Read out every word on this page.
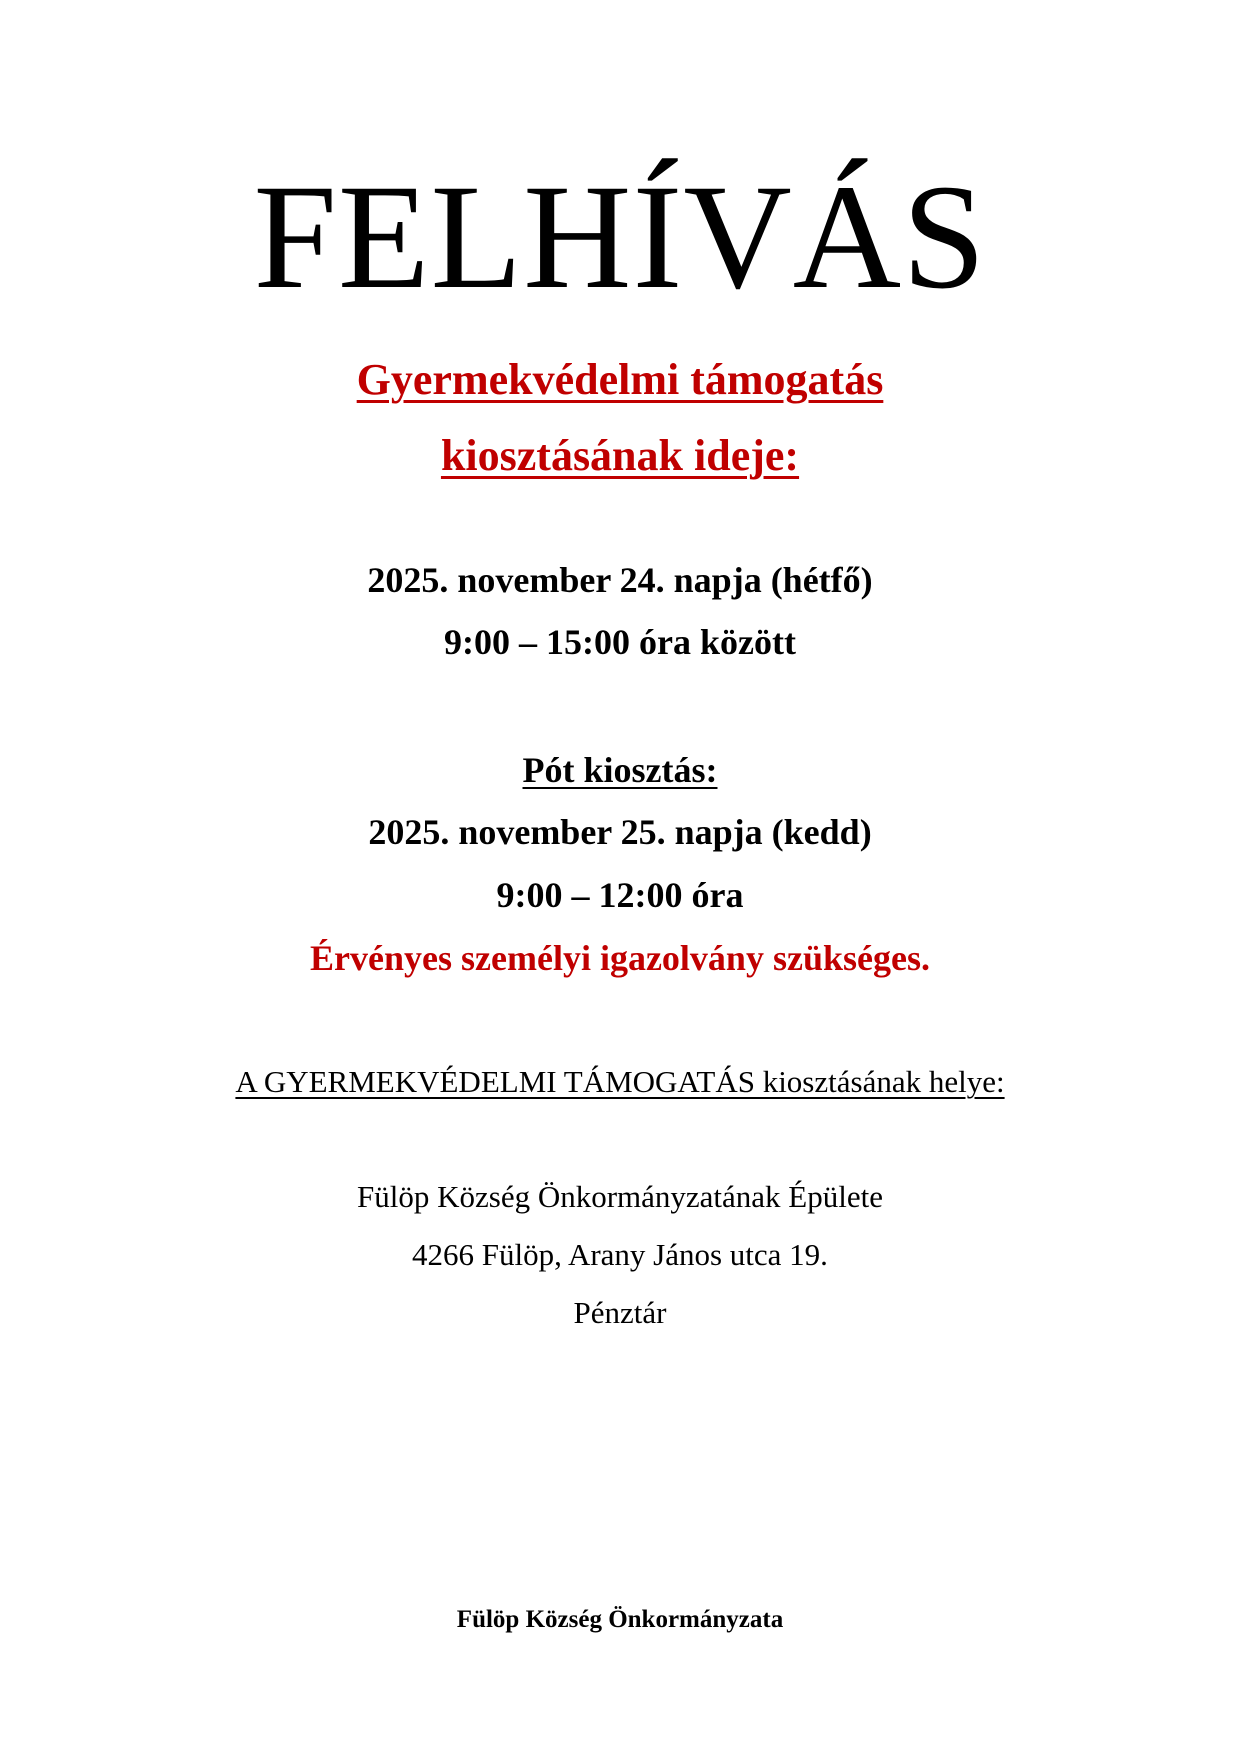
FELHÍVÁS

Gyermekvédelmi támogatás

kiosztásának ideje:

2025. november 24. napja (hétfő)

9:00 – 15:00 óra között

Pót kiosztás:

2025. november 25. napja (kedd)

9:00 – 12:00 óra

Érvényes személyi igazolvány szükséges.

A GYERMEKVÉDELMI TÁMOGATÁS kiosztásának helye:

Fülöp Község Önkormányzatának Épülete

4266 Fülöp, Arany János utca 19.

Pénztár

Fülöp Község Önkormányzata
